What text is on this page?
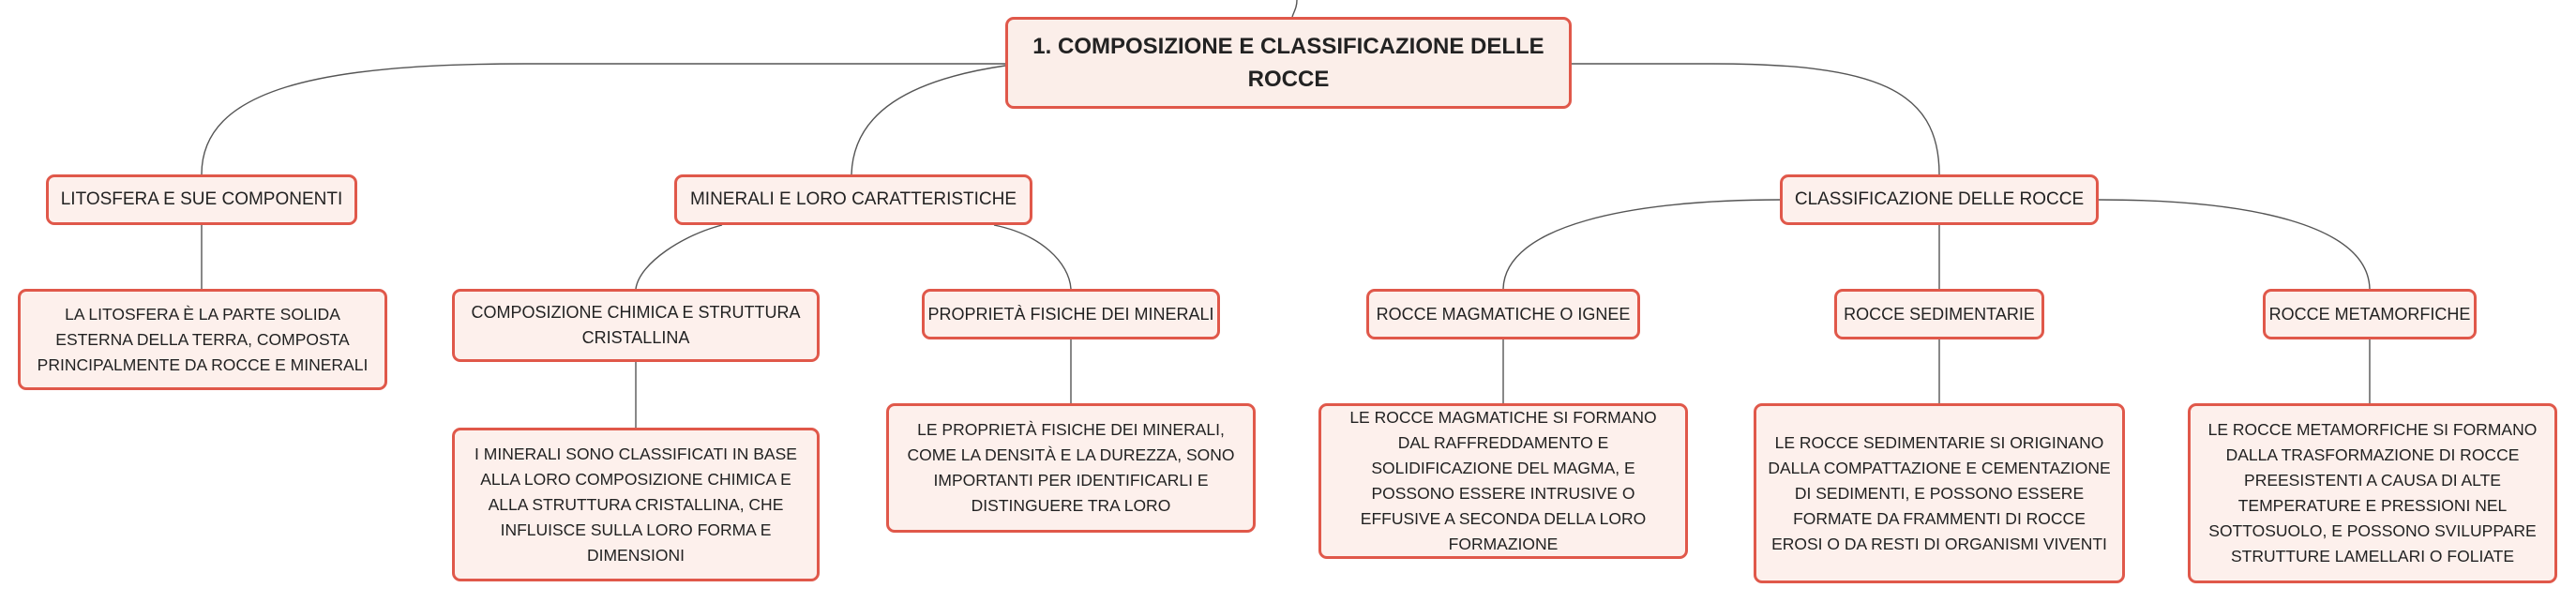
1. COMPOSIZIONE E CLASSIFICAZIONE DELLE ROCCE
LITOSFERA E SUE COMPONENTI	MINERALI E LORO CARATTERISTICHE	CLASSIFICAZIONE DELLE ROCCE
LA LITOSFERA È LA PARTE SOLIDA ESTERNA DELLA TERRA, COMPOSTA PRINCIPALMENTE DA ROCCE E MINERALI
COMPOSIZIONE CHIMICA E STRUTTURA CRISTALLINA
PROPRIETÀ FISICHE DEI MINERALI
I MINERALI SONO CLASSIFICATI IN BASE ALLA LORO COMPOSIZIONE CHIMICA E ALLA STRUTTURA CRISTALLINA, CHE INFLUISCE SULLA LORO FORMA E DIMENSIONI
LE PROPRIETÀ FISICHE DEI MINERALI, COME LA DENSITÀ E LA DUREZZA, SONO IMPORTANTI PER IDENTIFICARLI E DISTINGUERE TRA LORO
ROCCE MAGMATICHE O IGNEE	ROCCE SEDIMENTARIE	ROCCE METAMORFICHE
LE ROCCE MAGMATICHE SI FORMANO DAL RAFFREDDAMENTO E SOLIDIFICAZIONE DEL MAGMA, E POSSONO ESSERE INTRUSIVE O EFFUSIVE A SECONDA DELLA LORO FORMAZIONE
LE ROCCE SEDIMENTARIE SI ORIGINANO DALLA COMPATTAZIONE E CEMENTAZIONE DI SEDIMENTI, E POSSONO ESSERE FORMATE DA FRAMMENTI DI ROCCE EROSI O DA RESTI DI ORGANISMI VIVENTI
LE ROCCE METAMORFICHE SI FORMANO DALLA TRASFORMAZIONE DI ROCCE PREESISTENTI A CAUSA DI ALTE TEMPERATURE E PRESSIONI NEL SOTTOSUOLO, E POSSONO SVILUPPARE STRUTTURE LAMELLARI O FOLIATE
